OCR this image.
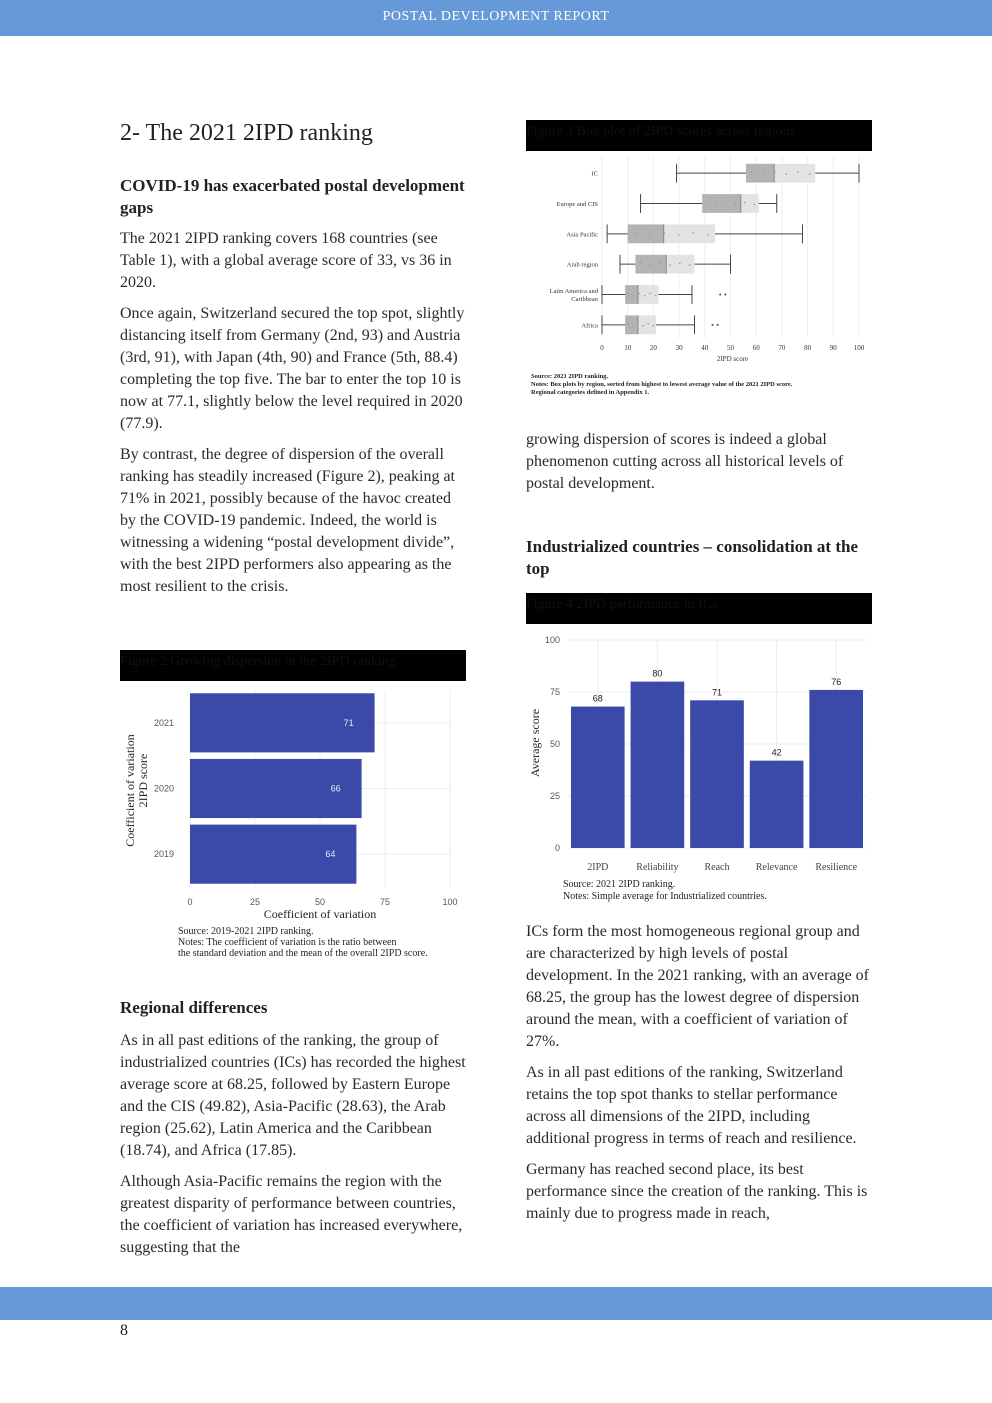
POSTAL DEVELOPMENT REPORT
8
2- The 2021 2IPD ranking
COVID-19 has exacerbated postal development gaps

The 2021 2IPD ranking covers 168 countries (see Table 1), with a global average score of 33, vs 36 in 2020.

Once again, Switzerland secured the top spot, slightly distancing itself from Germany (2nd, 93) and Austria (3rd, 91), with Japan (4th, 90) and France (5th, 88.4) completing the top five. The bar to enter the top 10 is now at 77.1, slightly below the level required in 2020 (77.9).

By contrast, the degree of dispersion of the overall ranking has steadily increased (Figure 2), peaking at 71% in 2021, possibly because of the havoc created by the COVID-19 pandemic. Indeed, the world is witnessing a widening “postal development divide”, with the best 2IPD performers also appearing as the most resilient to the crisis.

Figure 2 Growing dispersion in the 2IPD ranking
0	25	50	75	100
71
2021
66
2020
64
2019
Coefficient of variation
Coefficient of variation 2IPD score
Source: 2019-2021 2IPD ranking.
Notes: The coefficient of variation is the ratio between
the standard deviation and the mean of the overall 2IPD score.
Regional differences

As in all past editions of the ranking, the group of industrialized countries (ICs) has recorded the highest average score at 68.25, followed by Eastern Europe and the CIS (49.82), Asia-Pacific (28.63), the Arab region (25.62), Latin America and the Caribbean (18.74), and Africa (17.85).

Although Asia-Pacific remains the region with the greatest disparity of performance between countries, the coefficient of variation has increased everywhere, suggesting that the

Figure 3 Box plot of 2IPD scores across regions
0	10	20	30	40	50	60	70	80	90 100
2IPD score
IC
Europe and CIS
Asia Pacific
Arab region
Latin America and
Caribbean
Africa
Source: 2021 2IPD ranking.
Notes: Box plots by region, sorted from highest to lowest average value of the 2021 2IPD score.
Regional categories defined in Appendix 1.

growing dispersion of scores is indeed a global phenomenon cutting across all historical levels of postal development.

Industrialized countries – consolidation at the top
Figure 4 2IPD performance in ICs
0
25
50
75
100
68
2IPD
80
Reliability
71
Reach
42
Relevance
76
Resilience
Average score
Source: 2021 2IPD ranking.
Notes: Simple average for Industrialized countries.

ICs form the most homogeneous regional group and are characterized by high levels of postal development. In the 2021 ranking, with an average of 68.25, the group has the lowest degree of dispersion around the mean, with a coefficient of variation of 27%.

As in all past editions of the ranking, Switzerland retains the top spot thanks to stellar performance across all dimensions of the 2IPD, including additional progress in terms of reach and resilience.

Germany has reached second place, its best performance since the creation of the ranking. This is mainly due to progress made in reach,
